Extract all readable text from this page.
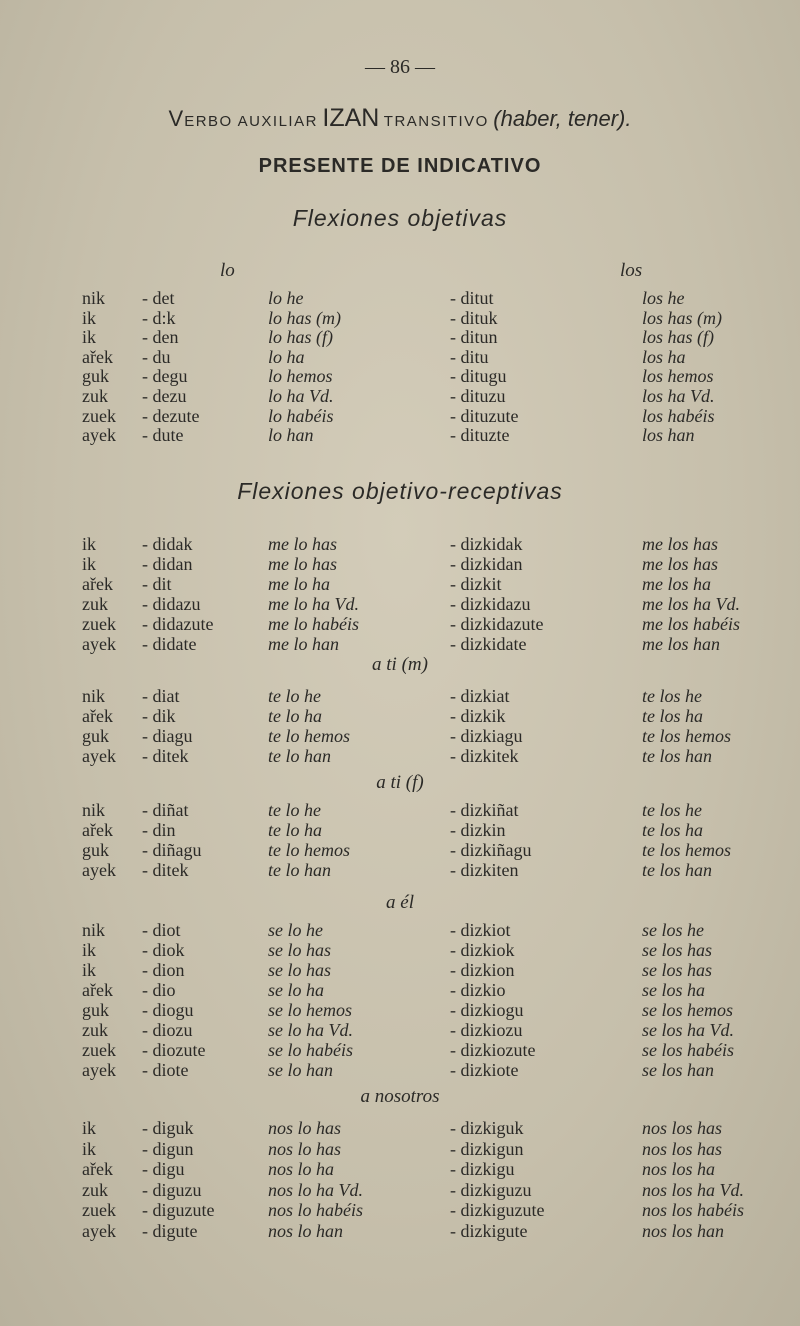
— 86 —
VERBO AUXILIAR IZAN TRANSITIVO (haber, tener).
PRESENTE DE INDICATIVO
Flexiones objetivas
lo	los
nik - det	lo he	- ditut	los he
ik	- d:k	lo has (m)	- dituk	los has (m)
ik	- den	lo has (f)	- ditun	los has (f)
ařek - du	lo ha	- ditu	los ha
guk - degu	lo hemos	- ditugu	los hemos
zuk - dezu	lo ha Vd.	- dituzu	los ha Vd.
zuek - dezute	lo habéis	- dituzute	los habéis
ayek - dute	lo han	- dituzte	los han
Flexiones objetivo-receptivas
ik	- didak	me lo has	- dizkidak	me los has
ik	- didan	me lo has	- dizkidan	me los has
ařek - dit	me lo ha	- dizkit	me los ha
zuk - didazu	me lo ha Vd.	- dizkidazu	me los ha Vd.
zuek - didazute	me lo habéis	- dizkidazute	me los habéis
ayek - didate	me lo han	- dizkidate	me los han
a ti (m)
nik - diat	te lo he	- dizkiat	te los he
ařek - dik	te lo ha	- dizkik	te los ha
guk - diagu	te lo hemos	- dizkiagu	te los hemos
ayek - ditek	te lo han	- dizkitek	te los han
a ti (f)
nik - diñat	te lo he	- dizkiñat	te los he
ařek - din	te lo ha	- dizkin	te los ha
guk - diñagu	te lo hemos	- dizkiñagu	te los hemos
ayek - ditek	te lo han	- dizkiten	te los han
a él
nik - diot	se lo he	- dizkiot	se los he
ik	- diok	se lo has	- dizkiok	se los has
ik	- dion	se lo has	- dizkion	se los has
ařek - dio	se lo ha	- dizkio	se los ha
guk - diogu	se lo hemos	- dizkiogu	se los hemos
zuk - diozu	se lo ha Vd.	- dizkiozu	se los ha Vd.
zuek - diozute	se lo habéis	- dizkiozute	se los habéis
ayek - diote	se lo han	- dizkiote	se los han
a nosotros
ik	- diguk	nos lo has	- dizkiguk	nos los has
ik	- digun	nos lo has	- dizkigun	nos los has
ařek - digu	nos lo ha	- dizkigu	nos los ha
zuk - diguzu	nos lo ha Vd.	- dizkiguzu	nos los ha Vd.
zuek - diguzute	nos lo habéis	- dizkiguzute	nos los habéis
ayek - digute	nos lo han	- dizkigute	nos los han
